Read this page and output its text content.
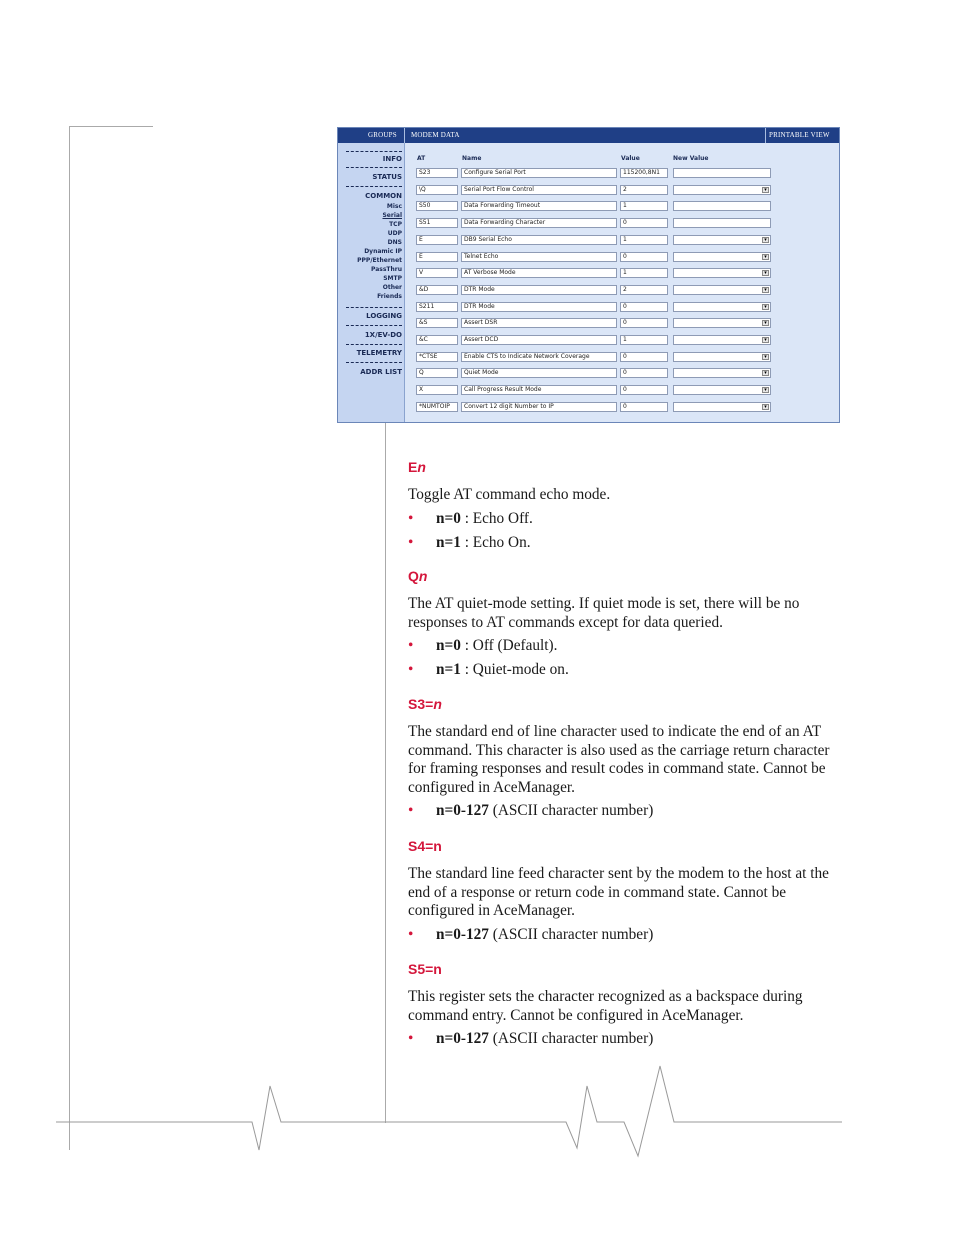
GROUPS MODEM DATA	PRINTABLE VIEW
INFO
STATUS
COMMON
Misc
Serial
TCP
UDP
DNS
Dynamic IP
PPP/Ethernet
PassThru
SMTP
Other
Friends
LOGGING
1X/EV-DO
TELEMETRY
ADDR LIST
AT	Name	Value	New Value
S23	Configure Serial Port	115200,8N1
\Q	Serial Port Flow Control	2	▾
S50	Data Forwarding Timeout	1
S51	Data Forwarding Character	0
E	DB9 Serial Echo	1	▾
E	Telnet Echo	0	▾
V	AT Verbose Mode	1	▾
&D	DTR Mode	2	▾
S211	DTR Mode	0	▾
&S	Assert DSR	0	▾
&C	Assert DCD	1	▾
*CTSE	Enable CTS to Indicate Network Coverage	0	▾
Q	Quiet Mode	0	▾
X	Call Progress Result Mode	0	▾
*NUMTOIP	Convert 12 digit Number to IP	0	▾
En

Toggle AT command echo mode.

• n=0 : Echo Off.
• n=1 : Echo On.
Qn

The AT quiet-mode setting. If quiet mode is set, there will be no responses to AT commands except for data queried.

• n=0 : Off (Default).
• n=1 : Quiet-mode on.
S3=n

The standard end of line character used to indicate the end of an AT command. This character is also used as the carriage return character for framing responses and result codes in command state. Cannot be configured in AceManager.

• n=0-127 (ASCII character number)
S4=n

The standard line feed character sent by the modem to the host at the end of a response or return code in command state. Cannot be configured in AceManager.

• n=0-127 (ASCII character number)
S5=n

This register sets the character recognized as a backspace during command entry. Cannot be configured in AceManager.

• n=0-127 (ASCII character number)
